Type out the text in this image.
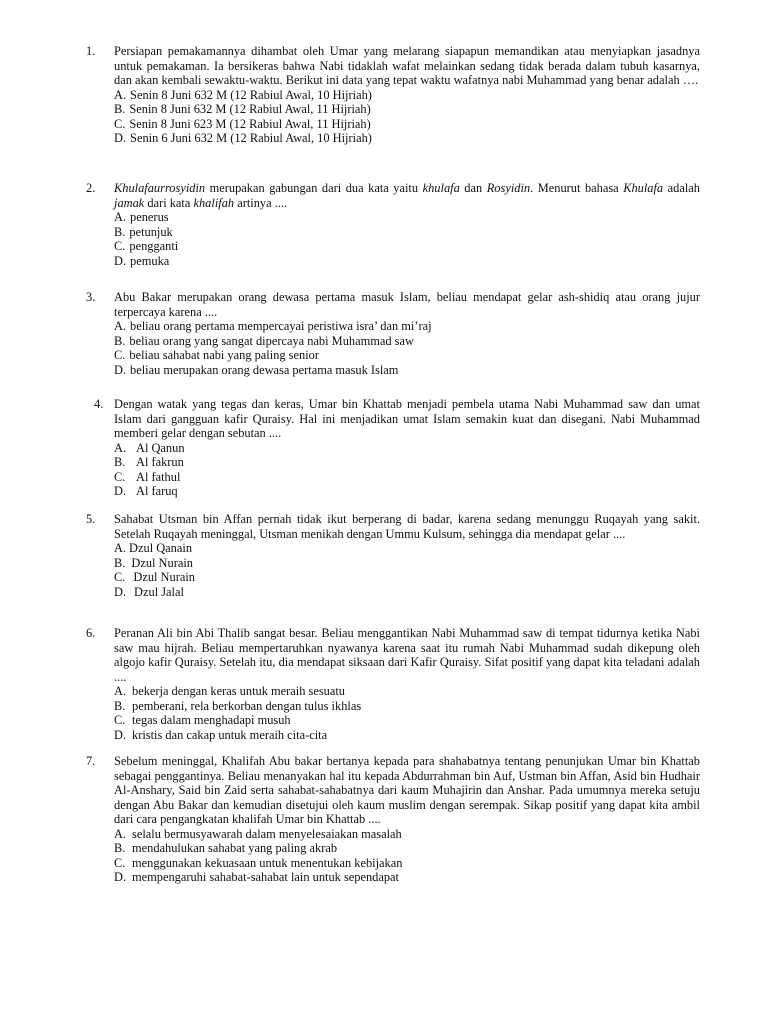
1.	Persiapan pemakamannya dihambat oleh Umar yang melarang siapapun memandikan atau menyiapkan jasadnya untuk pemakaman. Ia bersikeras bahwa Nabi tidaklah wafat melainkan sedang tidak berada dalam tubuh kasarnya, dan akan kembali sewaktu-waktu. Berikut ini data yang tepat waktu wafatnya nabi Muhammad yang benar adalah ….
A. Senin 8 Juni 632 M (12 Rabiul Awal, 10 Hijriah)
B. Senin 8 Juni 632 M (12 Rabiul Awal, 11 Hijriah)
C. Senin 8 Juni 623 M (12 Rabiul Awal, 11 Hijriah)
D. Senin 6 Juni 632 M (12 Rabiul Awal, 10 Hijriah)
2.	Khulafaurrosyidin merupakan gabungan dari dua kata yaitu khulafa dan Rosyidin. Menurut bahasa Khulafa adalah jamak dari kata khalifah artinya ....
A. penerus
B. petunjuk
C. pengganti
D. pemuka
3.	Abu Bakar merupakan orang dewasa pertama masuk Islam, beliau mendapat gelar ash-shidiq atau orang jujur terpercaya karena ....
A. beliau orang pertama mempercayai peristiwa isra’ dan mi’raj
B. beliau orang yang sangat dipercaya nabi Muhammad saw
C. beliau sahabat nabi yang paling senior
D. beliau merupakan orang dewasa pertama masuk Islam
4. Dengan watak yang tegas dan keras, Umar bin Khattab menjadi pembela utama Nabi Muhammad saw dan umat Islam dari gangguan kafir Quraisy. Hal ini menjadikan umat Islam semakin kuat dan disegani. Nabi Muhammad memberi gelar dengan sebutan ....
A. Al Qanun
B. Al fakrun
C. Al fathul
D. Al faruq
5.	Sahabat Utsman bin Affan pernah tidak ikut berperang di badar, karena sedang menunggu Ruqayah yang sakit. Setelah Ruqayah meninggal, Utsman menikah dengan Ummu Kulsum, sehingga dia mendapat gelar ....
A. Dzul Qanain
B. Dzul Nurain
C. Dzul Nurain
D. Dzul Jalal
6.	Peranan Ali bin Abi Thalib sangat besar. Beliau menggantikan Nabi Muhammad saw di tempat tidurnya ketika Nabi saw mau hijrah. Beliau mempertaruhkan nyawanya karena saat itu rumah Nabi Muhammad sudah dikepung oleh algojo kafir Quraisy. Setelah itu, dia mendapat siksaan dari Kafir Quraisy. Sifat positif yang dapat kita teladani adalah ....
A. bekerja dengan keras untuk meraih sesuatu
B. pemberani, rela berkorban dengan tulus ikhlas
C. tegas dalam menghadapi musuh
D. kristis dan cakap untuk meraih cita-cita
7.	Sebelum meninggal, Khalifah Abu bakar bertanya kepada para shahabatnya tentang penunjukan Umar bin Khattab sebagai penggantinya. Beliau menanyakan hal itu kepada Abdurrahman bin Auf, Ustman bin Affan, Asid bin Hudhair Al-Anshary, Said bin Zaid serta sahabat-sahabatnya dari kaum Muhajirin dan Anshar. Pada umumnya mereka setuju dengan Abu Bakar dan kemudian disetujui oleh kaum muslim dengan serempak. Sikap positif yang dapat kita ambil dari cara pengangkatan khalifah Umar bin Khattab ....
A. selalu bermusyawarah dalam menyelesaiakan masalah
B. mendahulukan sahabat yang paling akrab
C. menggunakan kekuasaan untuk menentukan kebijakan
D. mempengaruhi sahabat-sahabat lain untuk sependapat
